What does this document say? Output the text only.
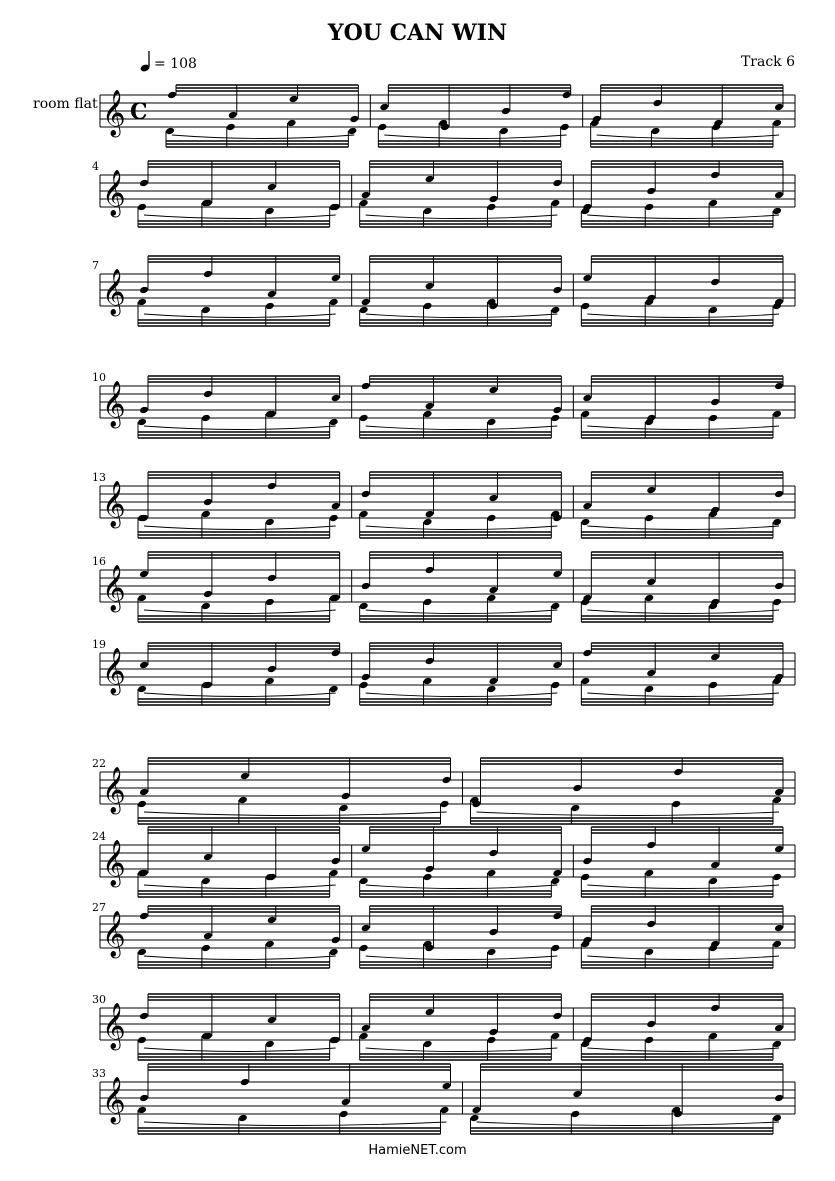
YOU CAN WIN
= 108	Track 6
room flat 𝄞 C
𝄞
4
𝄞
7
𝄞
10
𝄞
13
𝄞
16
𝄞
19
𝄞
22
𝄞
24
𝄞
27
𝄞
30
𝄞
33
HamieNET.com
